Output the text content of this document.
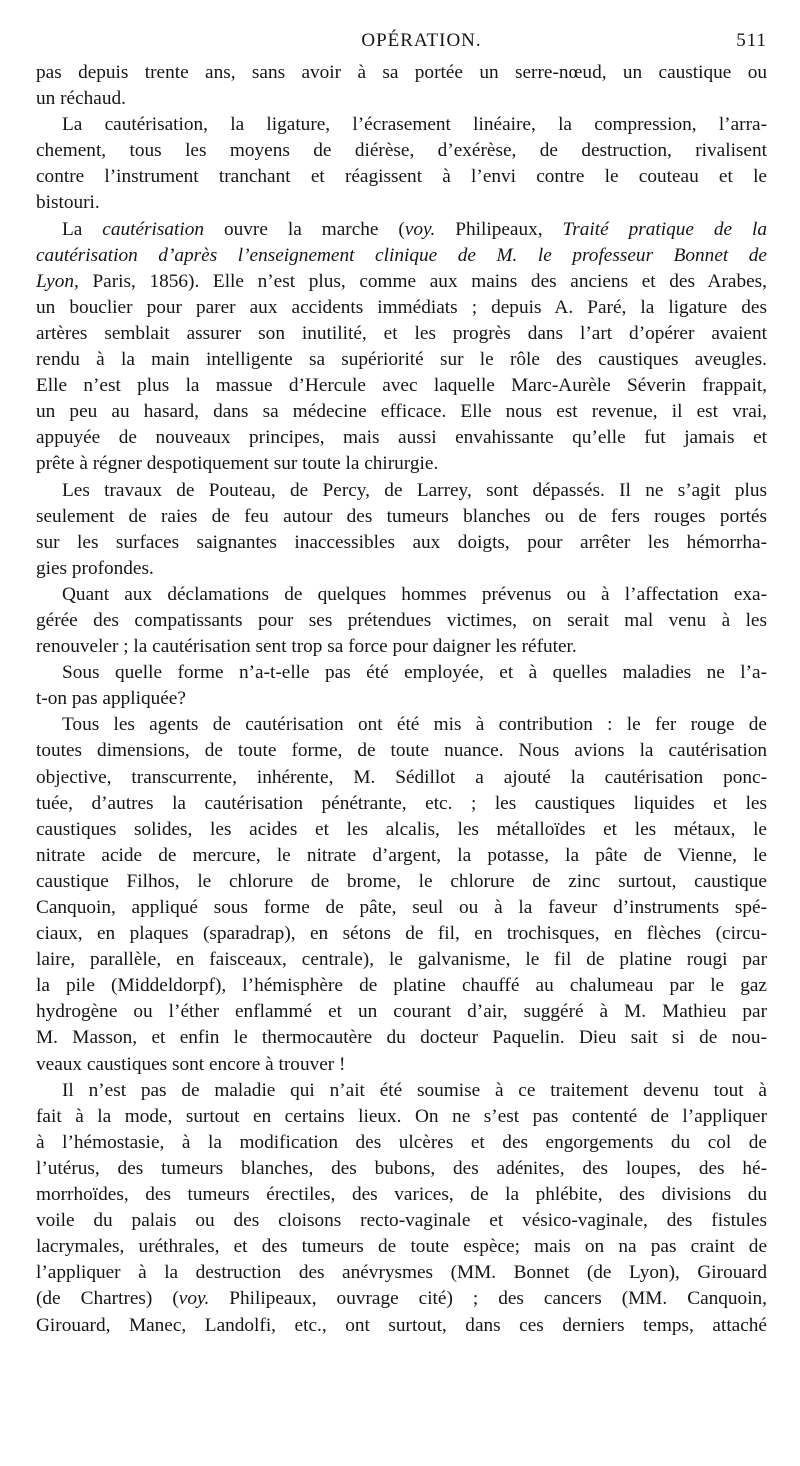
OPÉRATION.	511
pas depuis trente ans, sans avoir à sa portée un serre-nœud, un caustique ou
un réchaud.
La cautérisation, la ligature, l’écrasement linéaire, la compression, l’arra-
chement, tous les moyens de diérèse, d’exérèse, de destruction, rivalisent
contre l’instrument tranchant et réagissent à l’envi contre le couteau et le
bistouri.
La cautérisation ouvre la marche (voy. Philipeaux, Traité pratique de la
cautérisation d’après l’enseignement clinique de M. le professeur Bonnet de
Lyon, Paris, 1856). Elle n’est plus, comme aux mains des anciens et des Arabes,
un bouclier pour parer aux accidents immédiats ; depuis A. Paré, la ligature des
artères semblait assurer son inutilité, et les progrès dans l’art d’opérer avaient
rendu à la main intelligente sa supériorité sur le rôle des caustiques aveugles.
Elle n’est plus la massue d’Hercule avec laquelle Marc-Aurèle Séverin frappait,
un peu au hasard, dans sa médecine efficace. Elle nous est revenue, il est vrai,
appuyée de nouveaux principes, mais aussi envahissante qu’elle fut jamais et
prête à régner despotiquement sur toute la chirurgie.
Les travaux de Pouteau, de Percy, de Larrey, sont dépassés. Il ne s’agit plus
seulement de raies de feu autour des tumeurs blanches ou de fers rouges portés
sur les surfaces saignantes inaccessibles aux doigts, pour arrêter les hémorrha-
gies profondes.
Quant aux déclamations de quelques hommes prévenus ou à l’affectation exa-
gérée des compatissants pour ses prétendues victimes, on serait mal venu à les
renouveler ; la cautérisation sent trop sa force pour daigner les réfuter.
Sous quelle forme n’a-t-elle pas été employée, et à quelles maladies ne l’a-
t-on pas appliquée?
Tous les agents de cautérisation ont été mis à contribution : le fer rouge de
toutes dimensions, de toute forme, de toute nuance. Nous avions la cautérisation
objective, transcurrente, inhérente, M. Sédillot a ajouté la cautérisation ponc-
tuée, d’autres la cautérisation pénétrante, etc. ; les caustiques liquides et les
caustiques solides, les acides et les alcalis, les métalloïdes et les métaux, le
nitrate acide de mercure, le nitrate d’argent, la potasse, la pâte de Vienne, le
caustique Filhos, le chlorure de brome, le chlorure de zinc surtout, caustique
Canquoin, appliqué sous forme de pâte, seul ou à la faveur d’instruments spé-
ciaux, en plaques (sparadrap), en sétons de fil, en trochisques, en flèches (circu-
laire, parallèle, en faisceaux, centrale), le galvanisme, le fil de platine rougi par
la pile (Middeldorpf), l’hémisphère de platine chauffé au chalumeau par le gaz
hydrogène ou l’éther enflammé et un courant d’air, suggéré à M. Mathieu par
M. Masson, et enfin le thermocautère du docteur Paquelin. Dieu sait si de nou-
veaux caustiques sont encore à trouver !
Il n’est pas de maladie qui n’ait été soumise à ce traitement devenu tout à
fait à la mode, surtout en certains lieux. On ne s’est pas contenté de l’appliquer
à l’hémostasie, à la modification des ulcères et des engorgements du col de
l’utérus, des tumeurs blanches, des bubons, des adénites, des loupes, des hé-
morrhoïdes, des tumeurs érectiles, des varices, de la phlébite, des divisions du
voile du palais ou des cloisons recto-vaginale et vésico-vaginale, des fistules
lacrymales, uréthrales, et des tumeurs de toute espèce; mais on na pas craint de
l’appliquer à la destruction des anévrysmes (MM. Bonnet (de Lyon), Girouard
(de Chartres) (voy. Philipeaux, ouvrage cité) ; des cancers (MM. Canquoin,
Girouard, Manec, Landolfi, etc., ont surtout, dans ces derniers temps, attaché
